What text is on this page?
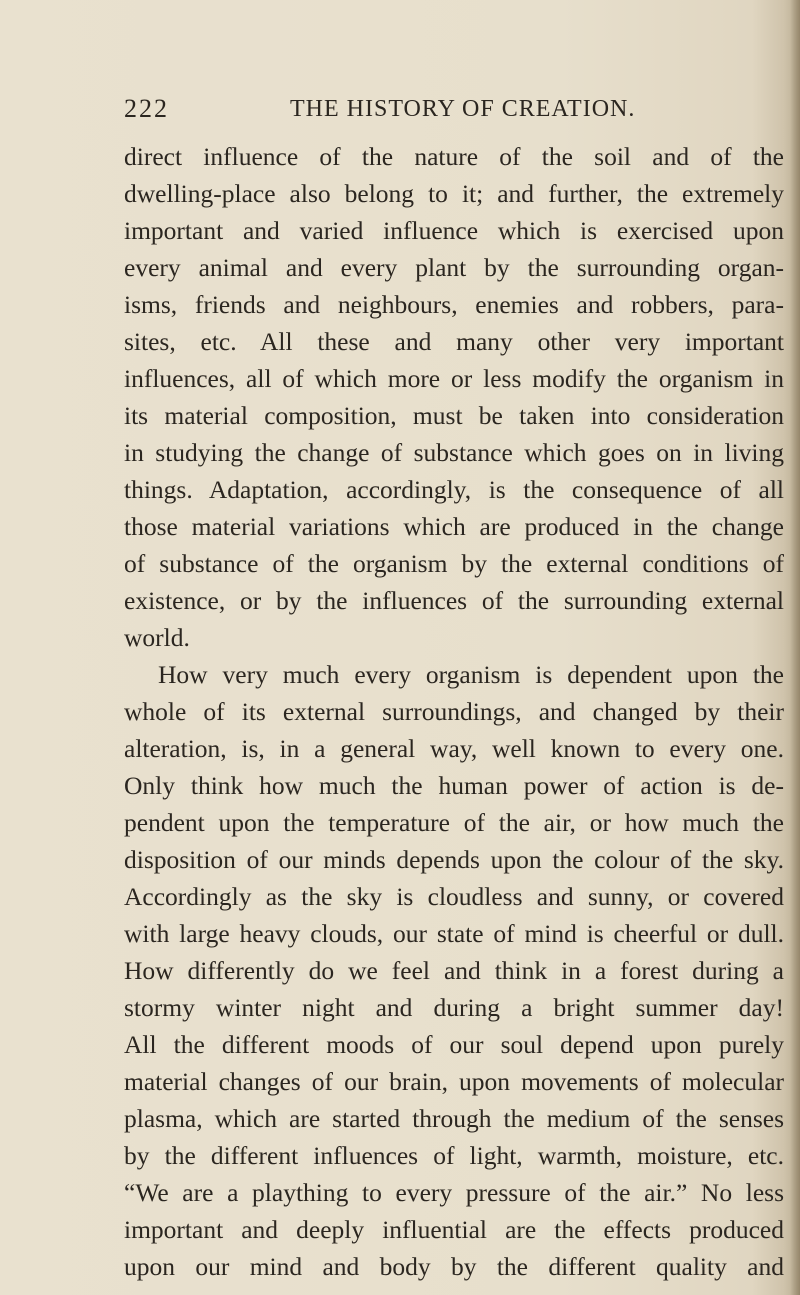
222	THE HISTORY OF CREATION.
direct influence of the nature of the soil and of the
dwelling-place also belong to it; and further, the extremely
important and varied influence which is exercised upon
every animal and every plant by the surrounding organ-
isms, friends and neighbours, enemies and robbers, para-
sites, etc. All these and many other very important
influences, all of which more or less modify the organism in
its material composition, must be taken into consideration
in studying the change of substance which goes on in living
things. Adaptation, accordingly, is the consequence of all
those material variations which are produced in the change
of substance of the organism by the external conditions of
existence, or by the influences of the surrounding external
world.
How very much every organism is dependent upon the
whole of its external surroundings, and changed by their
alteration, is, in a general way, well known to every one.
Only think how much the human power of action is de-
pendent upon the temperature of the air, or how much the
disposition of our minds depends upon the colour of the sky.
Accordingly as the sky is cloudless and sunny, or covered
with large heavy clouds, our state of mind is cheerful or dull.
How differently do we feel and think in a forest during a
stormy winter night and during a bright summer day!
All the different moods of our soul depend upon purely
material changes of our brain, upon movements of molecular
plasma, which are started through the medium of the senses
by the different influences of light, warmth, moisture, etc.
“We are a plaything to every pressure of the air.” No less
important and deeply influential are the effects produced
upon our mind and body by the different quality and
